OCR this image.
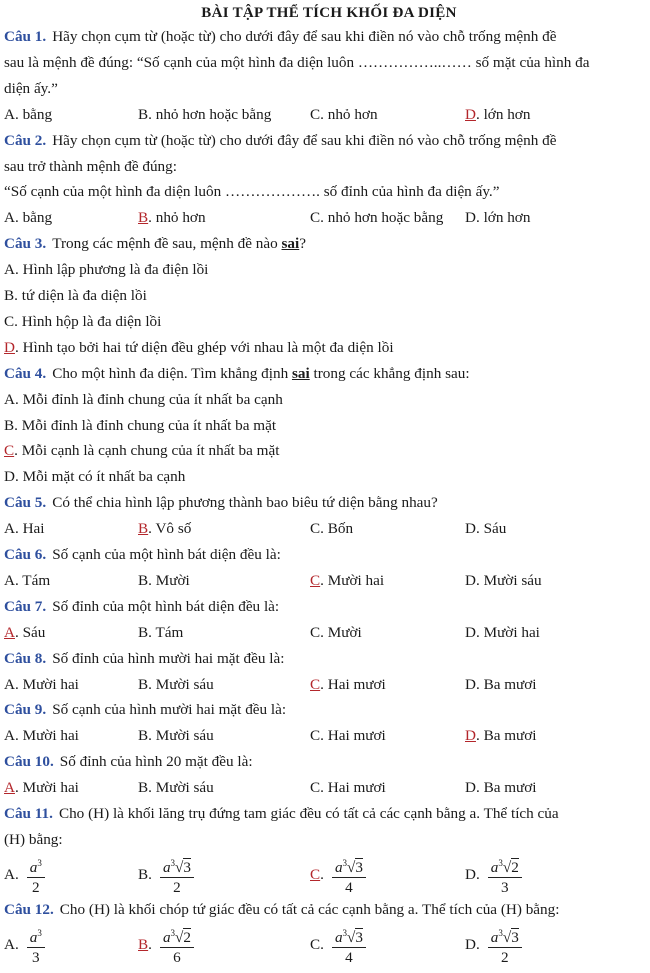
BÀI TẬP THỂ TÍCH KHỐI ĐA DIỆN
Câu 1. Hãy chọn cụm từ (hoặc từ) cho dưới đây để sau khi điền nó vào chỗ trống mệnh đề
sau là mệnh đề đúng: “Số cạnh của một hình đa diện luôn ……………..…… số mặt của hình đa
diện ấy.”
A. bằng	B. nhỏ hơn hoặc bằng	C. nhỏ hơn	D. lớn hơn
Câu 2. Hãy chọn cụm từ (hoặc từ) cho dưới đây để sau khi điền nó vào chỗ trống mệnh đề
sau trở thành mệnh đề đúng:
“Số cạnh của một hình đa diện luôn ………………. số đỉnh của hình đa diện ấy.”
A. bằng	B. nhỏ hơn	C. nhỏ hơn hoặc bằng D. lớn hơn
Câu 3. Trong các mệnh đề sau, mệnh đề nào sai?
A. Hình lập phương là đa điện lồi
B. tứ diện là đa diện lồi
C. Hình hộp là đa diện lồi
D. Hình tạo bởi hai tứ diện đều ghép với nhau là một đa diện lồi
Câu 4. Cho một hình đa diện. Tìm khẳng định sai trong các khẳng định sau:
A. Mỗi đỉnh là đỉnh chung của ít nhất ba cạnh
B. Mỗi đỉnh là đỉnh chung của ít nhất ba mặt
C. Mỗi cạnh là cạnh chung của ít nhất ba mặt
D. Mỗi mặt có ít nhất ba cạnh
Câu 5. Có thể chia hình lập phương thành bao biêu tứ diện bằng nhau?
A. Hai	B. Vô số	C. Bốn	D. Sáu
Câu 6. Số cạnh của một hình bát diện đều là:
A. Tám	B. Mười	C. Mười hai	D. Mười sáu
Câu 7. Số đỉnh của một hình bát diện đều là:
A. Sáu	B. Tám	C. Mười	D. Mười hai
Câu 8. Số đỉnh của hình mười hai mặt đều là:
A. Mười hai	B. Mười sáu	C. Hai mươi	D. Ba mươi
Câu 9. Số cạnh của hình mười hai mặt đều là:
A. Mười hai	B. Mười sáu	C. Hai mươi	D. Ba mươi
Câu 10. Số đỉnh của hình 20 mặt đều là:
A. Mười hai	B. Mười sáu	C. Hai mươi	D. Ba mươi
Câu 11. Cho (H) là khối lăng trụ đứng tam giác đều có tất cả các cạnh bằng a. Thể tích của
(H) bằng:
A. $\frac{a^3}{2}$	B. $\frac{a^3√3}{2}$	C. $\frac{a^3√3}{4}$	D. $\frac{a^3√2}{3}$
Câu 12. Cho (H) là khối chóp tứ giác đều có tất cả các cạnh bằng a. Thể tích của (H) bằng:
A. $\frac{a^3}{3}$	B. $\frac{a^3√2}{6}$	C. $\frac{a^3√3}{4}$	D. $\frac{a^3√3}{2}$
